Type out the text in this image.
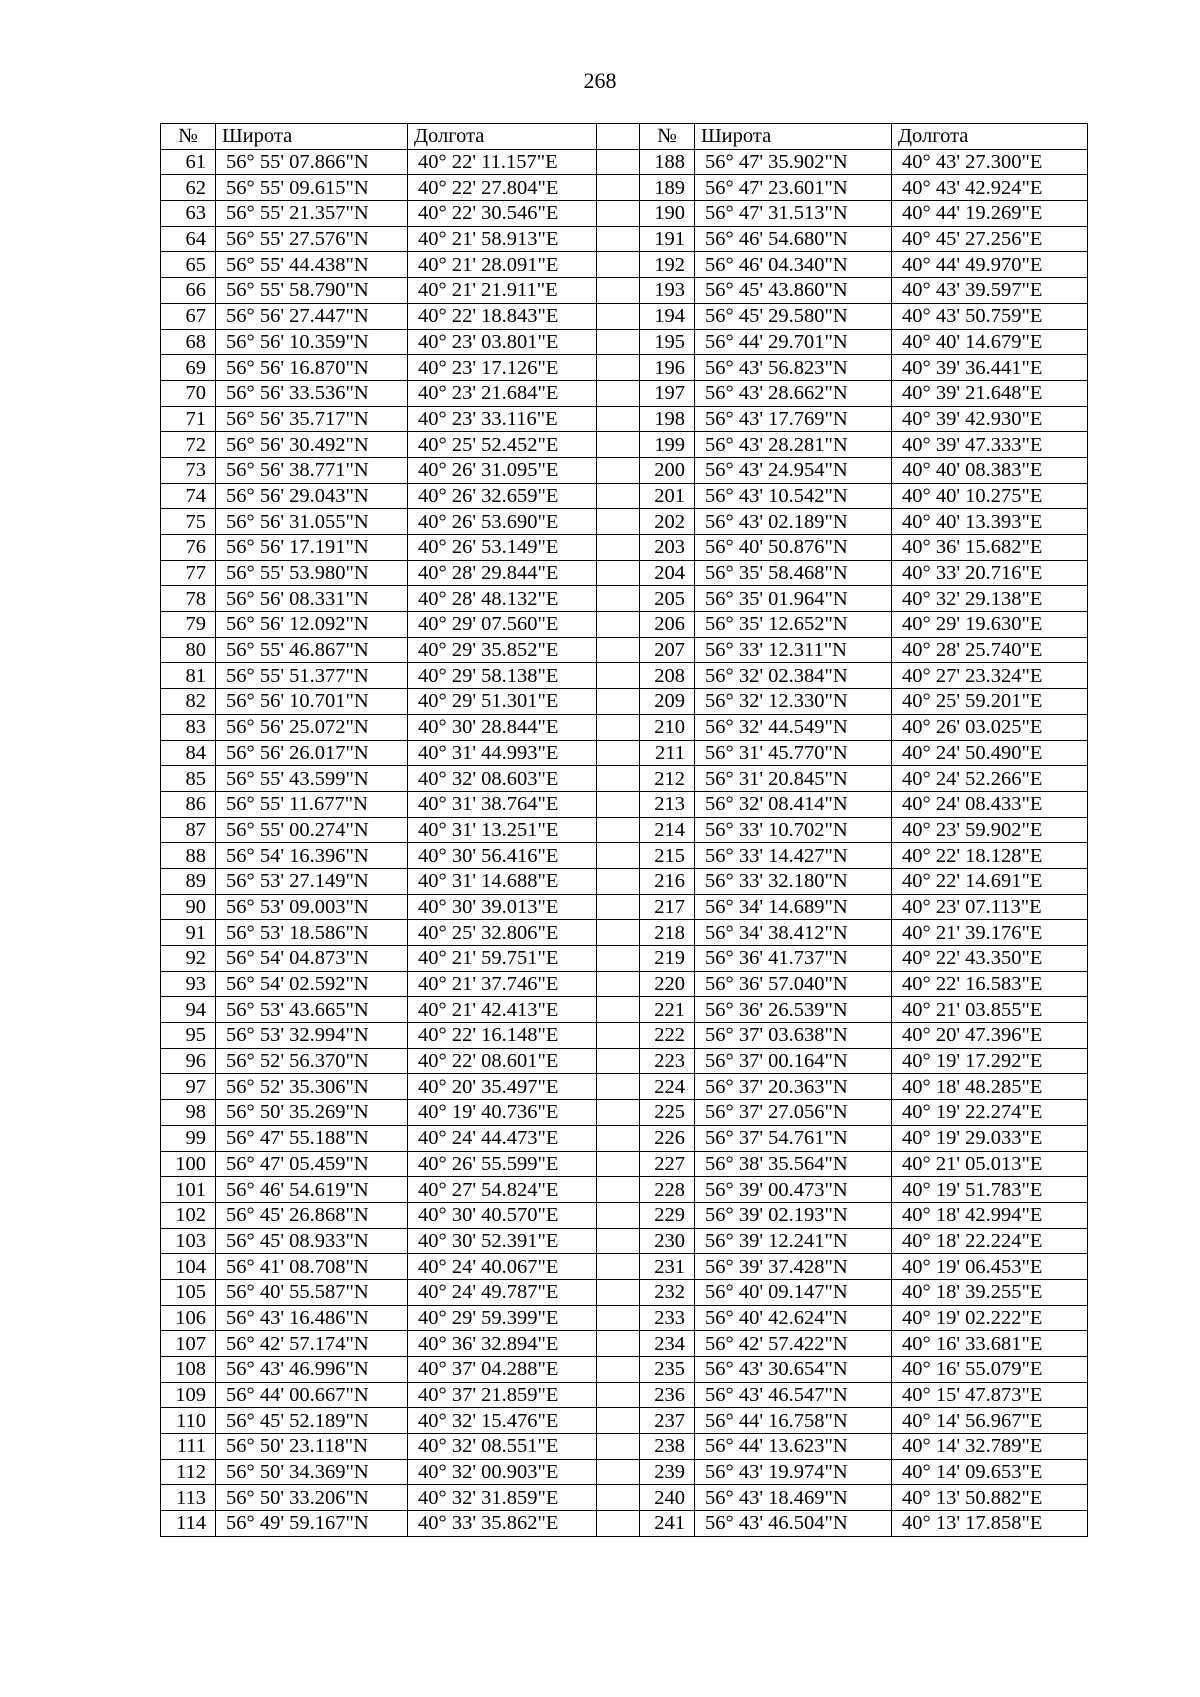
268
№	Широта	Долгота		№	Широта	Долгота
61	56° 55' 07.866"N	40° 22' 11.157"E		188	56° 47' 35.902"N	40° 43' 27.300"E
62	56° 55' 09.615"N	40° 22' 27.804"E		189	56° 47' 23.601"N	40° 43' 42.924"E
63	56° 55' 21.357"N	40° 22' 30.546"E		190	56° 47' 31.513"N	40° 44' 19.269"E
64	56° 55' 27.576"N	40° 21' 58.913"E		191	56° 46' 54.680"N	40° 45' 27.256"E
65	56° 55' 44.438"N	40° 21' 28.091"E		192	56° 46' 04.340"N	40° 44' 49.970"E
66	56° 55' 58.790"N	40° 21' 21.911"E		193	56° 45' 43.860"N	40° 43' 39.597"E
67	56° 56' 27.447"N	40° 22' 18.843"E		194	56° 45' 29.580"N	40° 43' 50.759"E
68	56° 56' 10.359"N	40° 23' 03.801"E		195	56° 44' 29.701"N	40° 40' 14.679"E
69	56° 56' 16.870"N	40° 23' 17.126"E		196	56° 43' 56.823"N	40° 39' 36.441"E
70	56° 56' 33.536"N	40° 23' 21.684"E		197	56° 43' 28.662"N	40° 39' 21.648"E
71	56° 56' 35.717"N	40° 23' 33.116"E		198	56° 43' 17.769"N	40° 39' 42.930"E
72	56° 56' 30.492"N	40° 25' 52.452"E		199	56° 43' 28.281"N	40° 39' 47.333"E
73	56° 56' 38.771"N	40° 26' 31.095"E		200	56° 43' 24.954"N	40° 40' 08.383"E
74	56° 56' 29.043"N	40° 26' 32.659"E		201	56° 43' 10.542"N	40° 40' 10.275"E
75	56° 56' 31.055"N	40° 26' 53.690"E		202	56° 43' 02.189"N	40° 40' 13.393"E
76	56° 56' 17.191"N	40° 26' 53.149"E		203	56° 40' 50.876"N	40° 36' 15.682"E
77	56° 55' 53.980"N	40° 28' 29.844"E		204	56° 35' 58.468"N	40° 33' 20.716"E
78	56° 56' 08.331"N	40° 28' 48.132"E		205	56° 35' 01.964"N	40° 32' 29.138"E
79	56° 56' 12.092"N	40° 29' 07.560"E		206	56° 35' 12.652"N	40° 29' 19.630"E
80	56° 55' 46.867"N	40° 29' 35.852"E		207	56° 33' 12.311"N	40° 28' 25.740"E
81	56° 55' 51.377"N	40° 29' 58.138"E		208	56° 32' 02.384"N	40° 27' 23.324"E
82	56° 56' 10.701"N	40° 29' 51.301"E		209	56° 32' 12.330"N	40° 25' 59.201"E
83	56° 56' 25.072"N	40° 30' 28.844"E		210	56° 32' 44.549"N	40° 26' 03.025"E
84	56° 56' 26.017"N	40° 31' 44.993"E		211	56° 31' 45.770"N	40° 24' 50.490"E
85	56° 55' 43.599"N	40° 32' 08.603"E		212	56° 31' 20.845"N	40° 24' 52.266"E
86	56° 55' 11.677"N	40° 31' 38.764"E		213	56° 32' 08.414"N	40° 24' 08.433"E
87	56° 55' 00.274"N	40° 31' 13.251"E		214	56° 33' 10.702"N	40° 23' 59.902"E
88	56° 54' 16.396"N	40° 30' 56.416"E		215	56° 33' 14.427"N	40° 22' 18.128"E
89	56° 53' 27.149"N	40° 31' 14.688"E		216	56° 33' 32.180"N	40° 22' 14.691"E
90	56° 53' 09.003"N	40° 30' 39.013"E		217	56° 34' 14.689"N	40° 23' 07.113"E
91	56° 53' 18.586"N	40° 25' 32.806"E		218	56° 34' 38.412"N	40° 21' 39.176"E
92	56° 54' 04.873"N	40° 21' 59.751"E		219	56° 36' 41.737"N	40° 22' 43.350"E
93	56° 54' 02.592"N	40° 21' 37.746"E		220	56° 36' 57.040"N	40° 22' 16.583"E
94	56° 53' 43.665"N	40° 21' 42.413"E		221	56° 36' 26.539"N	40° 21' 03.855"E
95	56° 53' 32.994"N	40° 22' 16.148"E		222	56° 37' 03.638"N	40° 20' 47.396"E
96	56° 52' 56.370"N	40° 22' 08.601"E		223	56° 37' 00.164"N	40° 19' 17.292"E
97	56° 52' 35.306"N	40° 20' 35.497"E		224	56° 37' 20.363"N	40° 18' 48.285"E
98	56° 50' 35.269"N	40° 19' 40.736"E		225	56° 37' 27.056"N	40° 19' 22.274"E
99	56° 47' 55.188"N	40° 24' 44.473"E		226	56° 37' 54.761"N	40° 19' 29.033"E
100	56° 47' 05.459"N	40° 26' 55.599"E		227	56° 38' 35.564"N	40° 21' 05.013"E
101	56° 46' 54.619"N	40° 27' 54.824"E		228	56° 39' 00.473"N	40° 19' 51.783"E
102	56° 45' 26.868"N	40° 30' 40.570"E		229	56° 39' 02.193"N	40° 18' 42.994"E
103	56° 45' 08.933"N	40° 30' 52.391"E		230	56° 39' 12.241"N	40° 18' 22.224"E
104	56° 41' 08.708"N	40° 24' 40.067"E		231	56° 39' 37.428"N	40° 19' 06.453"E
105	56° 40' 55.587"N	40° 24' 49.787"E		232	56° 40' 09.147"N	40° 18' 39.255"E
106	56° 43' 16.486"N	40° 29' 59.399"E		233	56° 40' 42.624"N	40° 19' 02.222"E
107	56° 42' 57.174"N	40° 36' 32.894"E		234	56° 42' 57.422"N	40° 16' 33.681"E
108	56° 43' 46.996"N	40° 37' 04.288"E		235	56° 43' 30.654"N	40° 16' 55.079"E
109	56° 44' 00.667"N	40° 37' 21.859"E		236	56° 43' 46.547"N	40° 15' 47.873"E
110	56° 45' 52.189"N	40° 32' 15.476"E		237	56° 44' 16.758"N	40° 14' 56.967"E
111	56° 50' 23.118"N	40° 32' 08.551"E		238	56° 44' 13.623"N	40° 14' 32.789"E
112	56° 50' 34.369"N	40° 32' 00.903"E		239	56° 43' 19.974"N	40° 14' 09.653"E
113	56° 50' 33.206"N	40° 32' 31.859"E		240	56° 43' 18.469"N	40° 13' 50.882"E
114	56° 49' 59.167"N	40° 33' 35.862"E		241	56° 43' 46.504"N	40° 13' 17.858"E
